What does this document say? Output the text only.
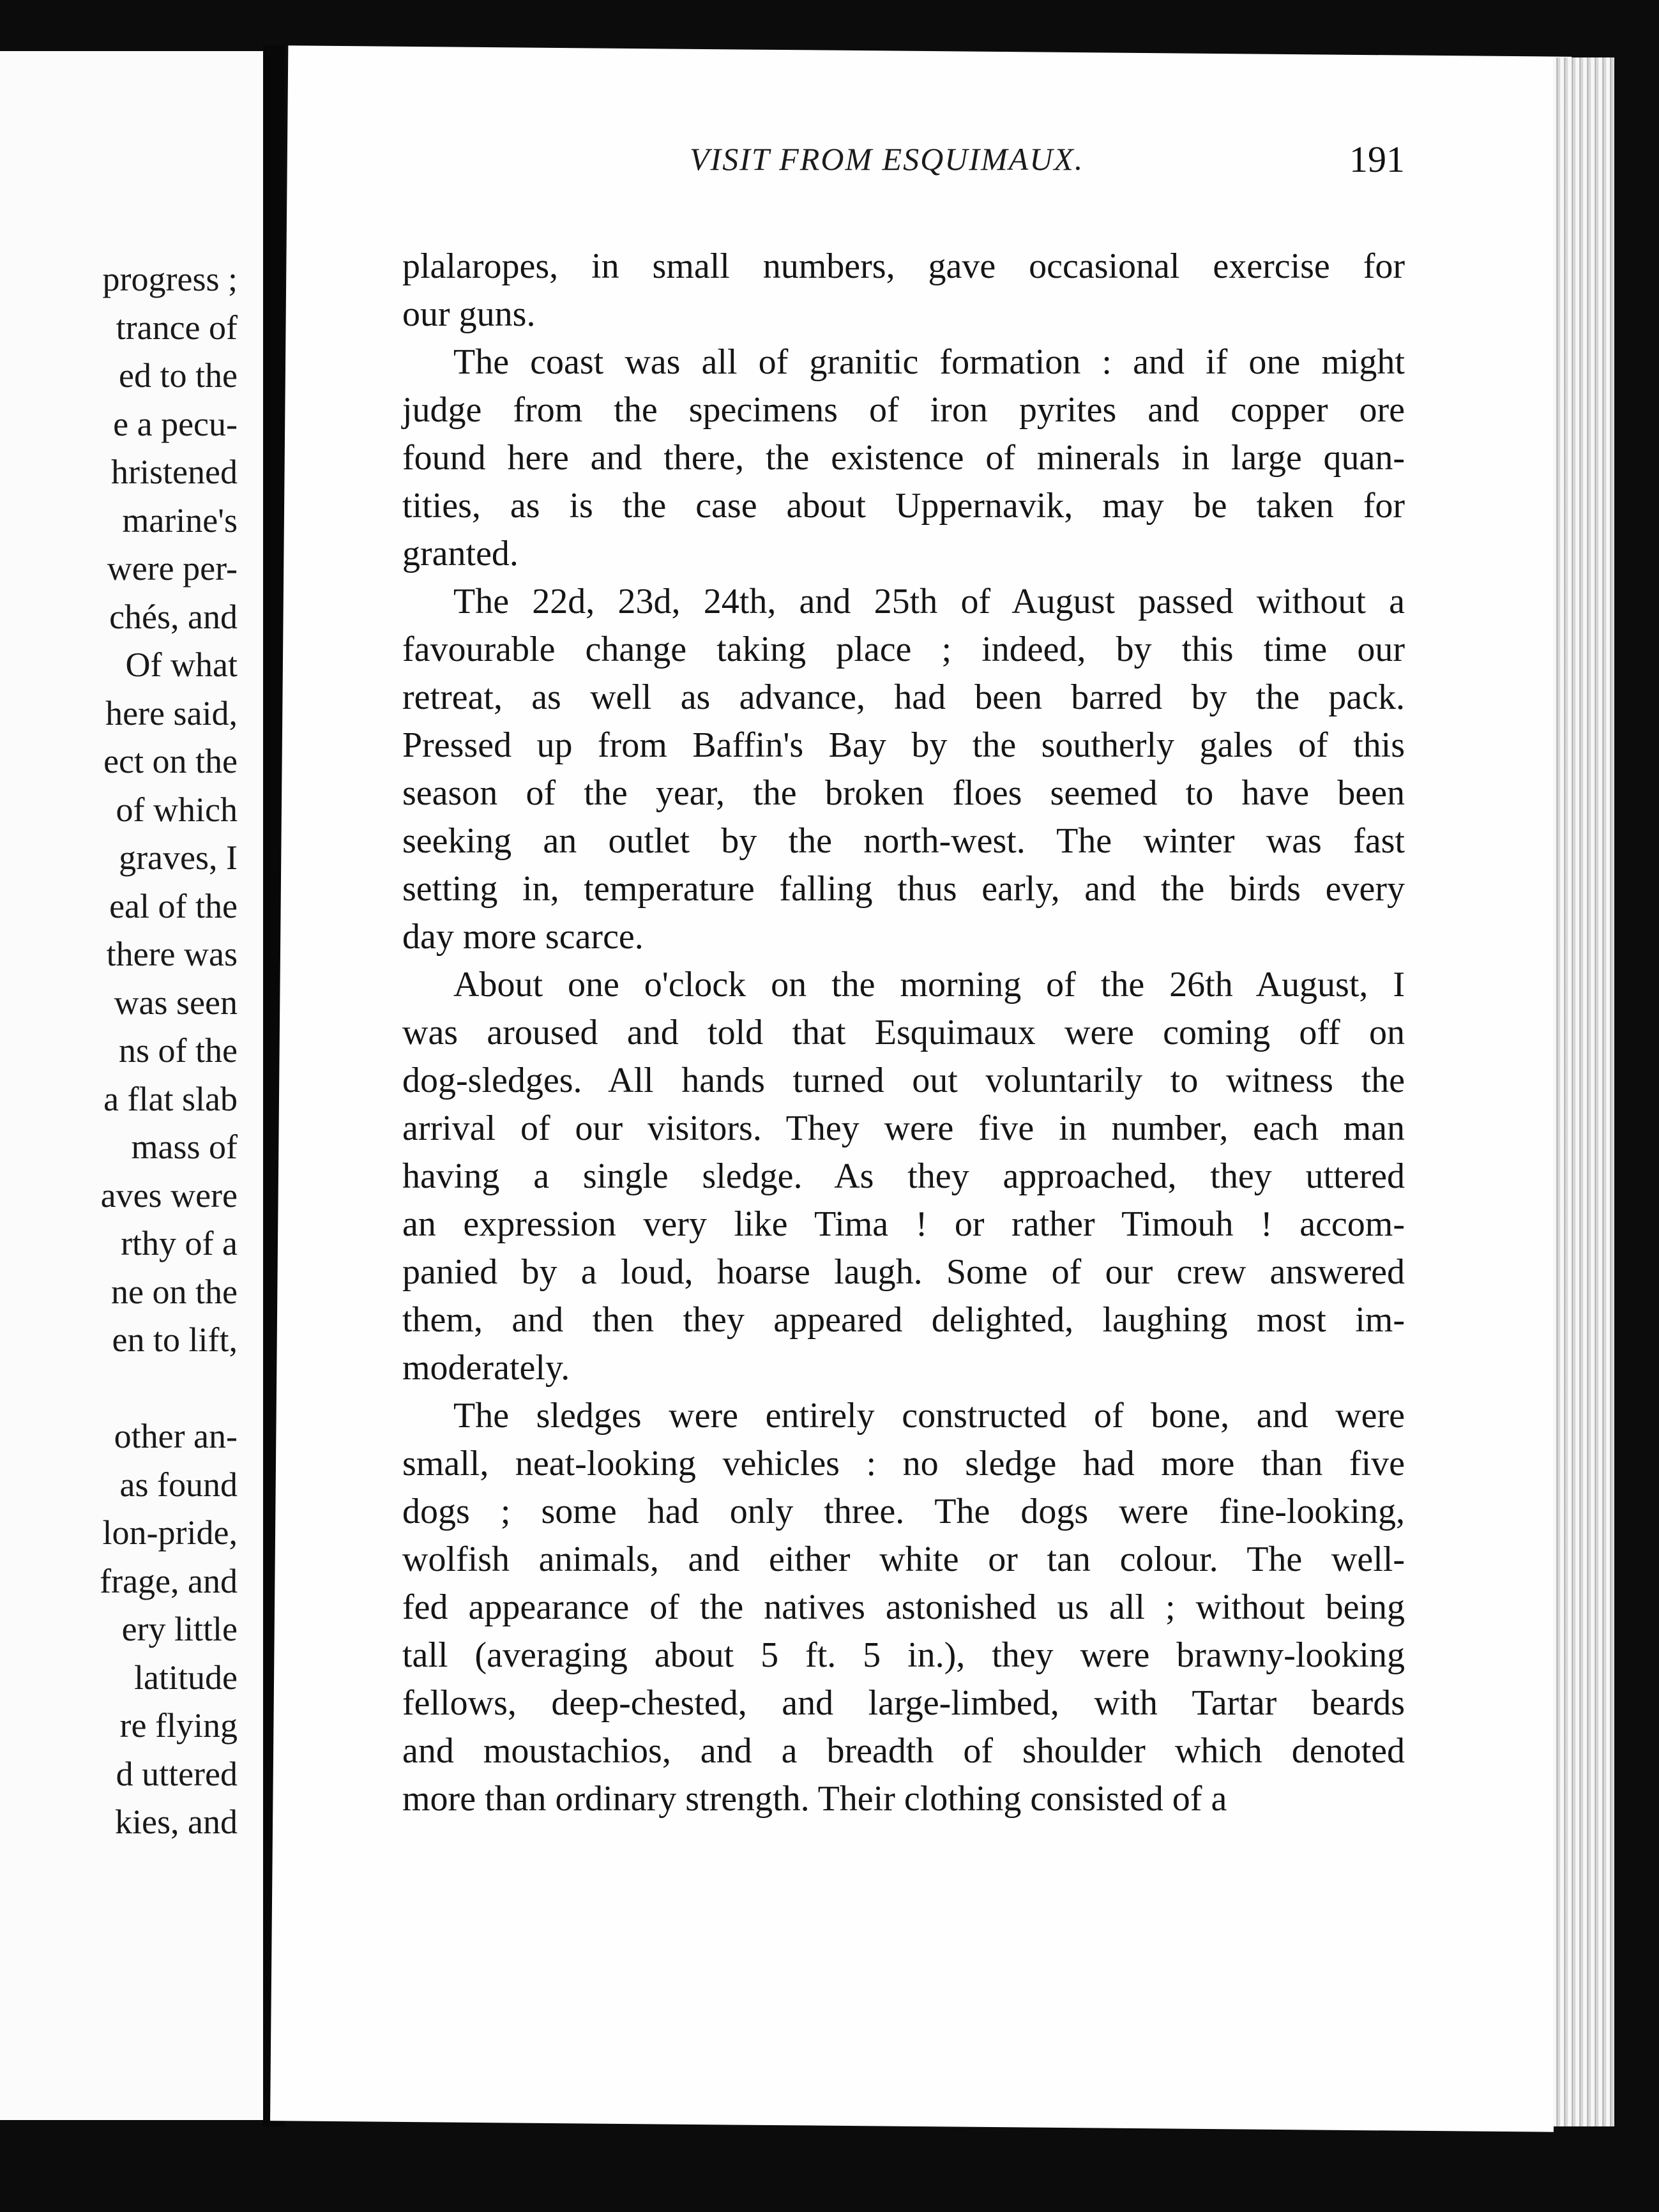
progress ;
trance of
ed to the
e a pecu-
hristened
marine's
were per-
chés, and
Of what
here said,
ect on the
of which
graves, I
eal of the
there was
was seen
ns of the
a flat slab
mass of
aves were
rthy of a
ne on the
en to lift,
other an-
as found
lon-pride,
frage, and
ery little
latitude
re flying
d uttered
kies, and
VISIT FROM ESQUIMAUX.	191
plalaropes, in small numbers, gave occasional exercise for
our guns.
The coast was all of granitic formation : and if one might
judge from the specimens of iron pyrites and copper ore
found here and there, the existence of minerals in large quan-
tities, as is the case about Uppernavik, may be taken for
granted.
The 22d, 23d, 24th, and 25th of August passed without a
favourable change taking place ; indeed, by this time our
retreat, as well as advance, had been barred by the pack.
Pressed up from Baffin's Bay by the southerly gales of this
season of the year, the broken floes seemed to have been
seeking an outlet by the north-west. The winter was fast
setting in, temperature falling thus early, and the birds every
day more scarce.
About one o'clock on the morning of the 26th August, I
was aroused and told that Esquimaux were coming off on
dog-sledges. All hands turned out voluntarily to witness the
arrival of our visitors. They were five in number, each man
having a single sledge. As they approached, they uttered
an expression very like Tima ! or rather Timouh ! accom-
panied by a loud, hoarse laugh. Some of our crew answered
them, and then they appeared delighted, laughing most im-
moderately.
The sledges were entirely constructed of bone, and were
small, neat-looking vehicles : no sledge had more than five
dogs ; some had only three. The dogs were fine-looking,
wolfish animals, and either white or tan colour. The well-
fed appearance of the natives astonished us all ; without being
tall (averaging about 5 ft. 5 in.), they were brawny-looking
fellows, deep-chested, and large-limbed, with Tartar beards
and moustachios, and a breadth of shoulder which denoted
more than ordinary strength. Their clothing consisted of a
